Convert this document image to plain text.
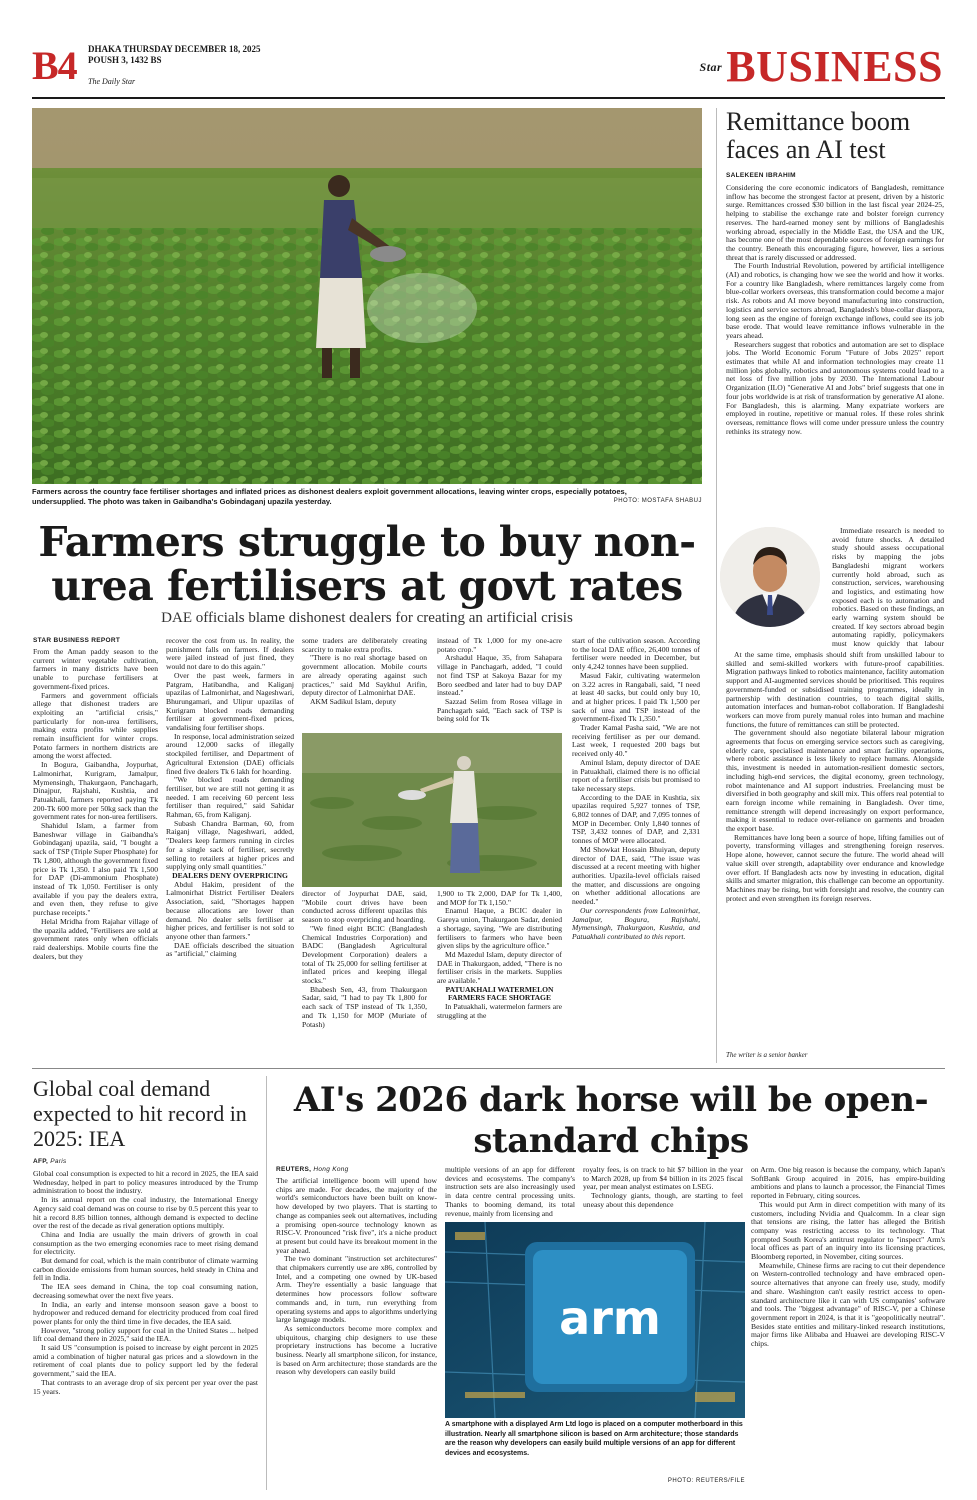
B4 DHAKA THURSDAY DECEMBER 18, 2025
POUSH 3, 1432 BS
The Daily Star
$^{Star}$BUSINESS
Farmers across the country face fertiliser shortages and inflated prices as dishonest dealers exploit government allocations, leaving winter crops, especially potatoes, undersupplied. The photo was taken in Gaibandha's Gobindaganj upazila yesterday.	PHOTO: MOSTAFA SHABUJ
Farmers struggle to buy non-urea fertilisers at govt rates
DAE officials blame dishonest dealers for creating an artificial crisis
STAR BUSINESS REPORT

From the Aman paddy season to the current winter vegetable cultivation, farmers in many districts have been unable to purchase fertilisers at government-fixed prices.

Farmers and government officials allege that dishonest traders are exploiting an "artificial crisis," particularly for non-urea fertilisers, making extra profits while supplies remain insufficient for winter crops. Potato farmers in northern districts are among the worst affected.

In Bogura, Gaibandha, Joypurhat, Lalmonirhat, Kurigram, Jamalpur, Mymensingh, Thakurgaon, Panchagarh, Dinajpur, Rajshahi, Kushtia, and Patuakhali, farmers reported paying Tk 200-Tk 600 more per 50kg sack than the government rates for non-urea fertilisers.

Shahidul Islam, a farmer from Baneshwar village in Gaibandha's Gobindaganj upazila, said, "I bought a sack of TSP (Triple Super Phosphate) for Tk 1,800, although the government fixed price is Tk 1,350. I also paid Tk 1,500 for DAP (Di-ammonium Phosphate) instead of Tk 1,050. Fertiliser is only available if you pay the dealers extra, and even then, they refuse to give purchase receipts."

Helal Mridha from Rajahar village of the upazila added, "Fertilisers are sold at government rates only when officials raid dealerships. Mobile courts fine the dealers, but they

recover the cost from us. In reality, the punishment falls on farmers. If dealers were jailed instead of just fined, they would not dare to do this again."

Over the past week, farmers in Patgram, Hatibandha, and Kaliganj upazilas of Lalmonirhat, and Nageshwari, Bhurungamari, and Ulipur upazilas of Kurigram blocked roads demanding fertiliser at government-fixed prices, vandalising four fertiliser shops.

In response, local administration seized around 12,000 sacks of illegally stockpiled fertiliser, and Department of Agricultural Extension (DAE) officials fined five dealers Tk 6 lakh for hoarding.

"We blocked roads demanding fertiliser, but we are still not getting it as needed. I am receiving 60 percent less fertiliser than required," said Sahidar Rahman, 65, from Kaliganj.

Subash Chandra Barman, 60, from Raiganj village, Nageshwari, added, "Dealers keep farmers running in circles for a single sack of fertiliser, secretly selling to retailers at higher prices and supplying only small quantities."

DEALERS DENY OVERPRICING

Abdul Hakim, president of the Lalmonirhat District Fertiliser Dealers Association, said, "Shortages happen because allocations are lower than demand. No dealer sells fertiliser at higher prices, and fertiliser is not sold to anyone other than farmers."

DAE officials described the situation as "artificial," claiming

some traders are deliberately creating scarcity to make extra profits.

"There is no real shortage based on government allocation. Mobile courts are already operating against such practices," said Md Saykhul Arifin, deputy director of Lalmonirhat DAE.

AKM Sadikul Islam, deputy

instead of Tk 1,000 for my one-acre potato crop."

Arshadul Haque, 35, from Sahapara village in Panchagarh, added, "I could not find TSP at Sakoya Bazar for my Boro seedbed and later had to buy DAP instead."

Sazzad Selim from Rosea village in Panchagarh said, "Each sack of TSP is being sold for Tk

director of Joypurhat DAE, said, "Mobile court drives have been conducted across different upazilas this season to stop overpricing and hoarding.

"We fined eight BCIC (Bangladesh Chemical Industries Corporation) and BADC (Bangladesh Agricultural Development Corporation) dealers a total of Tk 25,000 for selling fertiliser at inflated prices and keeping illegal stocks."

Bhabesh Sen, 43, from Thakurgaon Sadar, said, "I had to pay Tk 1,800 for each sack of TSP instead of Tk 1,350, and Tk 1,150 for MOP (Muriate of Potash)

1,900 to Tk 2,000, DAP for Tk 1,400, and MOP for Tk 1,150."

Enamul Haque, a BCIC dealer in Gareya union, Thakurgaon Sadar, denied a shortage, saying, "We are distributing fertilisers to farmers who have been given slips by the agriculture office."

Md Mazedul Islam, deputy director of DAE in Thakurgaon, added, "There is no fertiliser crisis in the markets. Supplies are available."

PATUAKHALI WATERMELON FARMERS FACE SHORTAGE

In Patuakhali, watermelon farmers are struggling at the

start of the cultivation season. According to the local DAE office, 26,400 tonnes of fertiliser were needed in December, but only 4,242 tonnes have been supplied.

Masud Fakir, cultivating watermelon on 3.22 acres in Rangabali, said, "I need at least 40 sacks, but could only buy 10, and at higher prices. I paid Tk 1,500 per sack of urea and TSP instead of the government-fixed Tk 1,350."

Trader Kamal Pasha said, "We are not receiving fertiliser as per our demand. Last week, I requested 200 bags but received only 40."

Aminul Islam, deputy director of DAE in Patuakhali, claimed there is no official report of a fertiliser crisis but promised to take necessary steps.

According to the DAE in Kushtia, six upazilas required 5,927 tonnes of TSP, 6,802 tonnes of DAP, and 7,095 tonnes of MOP in December. Only 1,840 tonnes of TSP, 3,432 tonnes of DAP, and 2,331 tonnes of MOP were allocated.

Md Showkat Hossain Bhuiyan, deputy director of DAE, said, "The issue was discussed at a recent meeting with higher authorities. Upazila-level officials raised the matter, and discussions are ongoing on whether additional allocations are needed."

Our correspondents from Lalmonirhat, Jamalpur, Bogura, Rajshahi, Mymensingh, Thakurgaon, Kushtia, and Patuakhali contributed to this report.

Remittance boom faces an AI test
SALEKEEN IBRAHIM

Considering the core economic indicators of Bangladesh, remittance inflow has become the strongest factor at present, driven by a historic surge. Remittances crossed $30 billion in the last fiscal year 2024-25, helping to stabilise the exchange rate and bolster foreign currency reserves. The hard-earned money sent by millions of Bangladeshis working abroad, especially in the Middle East, the USA and the UK, has become one of the most dependable sources of foreign earnings for the country. Beneath this encouraging figure, however, lies a serious threat that is rarely discussed or addressed.

The Fourth Industrial Revolution, powered by artificial intelligence (AI) and robotics, is changing how we see the world and how it works. For a country like Bangladesh, where remittances largely come from blue-collar workers overseas, this transformation could become a major risk. As robots and AI move beyond manufacturing into construction, logistics and service sectors abroad, Bangladesh's blue-collar diaspora, long seen as the engine of foreign exchange inflows, could see its job base erode. That would leave remittance inflows vulnerable in the years ahead.

Researchers suggest that robotics and automation are set to displace jobs. The World Economic Forum "Future of Jobs 2025" report estimates that while AI and information technologies may create 11 million jobs globally, robotics and autonomous systems could lead to a net loss of five million jobs by 2030. The International Labour Organization (ILO) "Generative AI and Jobs" brief suggests that one in four jobs worldwide is at risk of transformation by generative AI alone. For Bangladesh, this is alarming. Many expatriate workers are employed in routine, repetitive or manual roles. If these roles shrink overseas, remittance flows will come under pressure unless the country rethinks its strategy now.

Immediate research is needed to avoid future shocks. A detailed study should assess occupational risks by mapping the jobs Bangladeshi migrant workers currently hold abroad, such as construction, services, warehousing and logistics, and estimating how exposed each is to automation and robotics. Based on these findings, an early warning system should be created. If key sectors abroad begin automating rapidly, policymakers must know quickly that labour

At the same time, emphasis should shift from unskilled labour to skilled and semi-skilled workers with future-proof capabilities. Migration pathways linked to robotics maintenance, facility automation support and AI-augmented services should be prioritised. This requires government-funded or subsidised training programmes, ideally in partnership with destination countries, to teach digital skills, automation interfaces and human-robot collaboration. If Bangladeshi workers can move from purely manual roles into human and machine functions, the future of remittances can still be protected.

The government should also negotiate bilateral labour migration agreements that focus on emerging service sectors such as caregiving, elderly care, specialised maintenance and smart facility operations, where robotic assistance is less likely to replace humans. Alongside this, investment is needed in automation-resilient domestic sectors, including high-end services, the digital economy, green technology, robot maintenance and AI support industries. Freelancing must be diversified in both geography and skill mix. This offers real potential to earn foreign income while remaining in Bangladesh. Over time, remittance strength will depend increasingly on export performance, making it essential to reduce over-reliance on garments and broaden the export base.

Remittances have long been a source of hope, lifting families out of poverty, transforming villages and strengthening foreign reserves. Hope alone, however, cannot secure the future. The world ahead will value skill over strength, adaptability over endurance and knowledge over effort. If Bangladesh acts now by investing in education, digital skills and smarter migration, this challenge can become an opportunity. Machines may be rising, but with foresight and resolve, the country can protect and even strengthen its foreign reserves.

The writer is a senior banker
Global coal demand expected to hit record in 2025: IEA
AFP, Paris

Global coal consumption is expected to hit a record in 2025, the IEA said Wednesday, helped in part to policy measures introduced by the Trump administration to boost the industry.

In its annual report on the coal industry, the International Energy Agency said coal demand was on course to rise by 0.5 percent this year to hit a record 8.85 billion tonnes, although demand is expected to decline over the rest of the decade as rival generation options multiply.

China and India are usually the main drivers of growth in coal consumption as the two emerging economies race to meet rising demand for electricity.

But demand for coal, which is the main contributor of climate warming carbon dioxide emissions from human sources, held steady in China and fell in India.

The IEA sees demand in China, the top coal consuming nation, decreasing somewhat over the next five years.

In India, an early and intense monsoon season gave a boost to hydropower and reduced demand for electricity produced from coal fired power plants for only the third time in five decades, the IEA said.

However, "strong policy support for coal in the United States ... helped lift coal demand there in 2025," said the IEA.

It said US "consumption is poised to increase by eight percent in 2025 amid a combination of higher natural gas prices and a slowdown in the retirement of coal plants due to policy support led by the federal government," said the IEA.

That contrasts to an average drop of six percent per year over the past 15 years.

AI's 2026 dark horse will be open-standard chips
REUTERS, Hong Kong

The artificial intelligence boom will upend how chips are made. For decades, the majority of the world's semiconductors have been built on know-how developed by two players. That is starting to change as companies seek out alternatives, including a promising open-source technology known as RISC-V. Pronounced "risk five", it's a niche product at present but could have its breakout moment in the year ahead.

The two dominant "instruction set architectures" that chipmakers currently use are x86, controlled by Intel, and a competing one owned by UK-based Arm. They're essentially a basic language that determines how processors follow software commands and, in turn, run everything from operating systems and apps to algorithms underlying large language models.

As semiconductors become more complex and ubiquitous, charging chip designers to use these proprietary instructions has become a lucrative business. Nearly all smartphone silicon, for instance, is based on Arm architecture; those standards are the reason why developers can easily build

multiple versions of an app for different devices and ecosystems. The company's instruction sets are also increasingly used in data centre central processing units. Thanks to booming demand, its total revenue, mainly from licensing and

royalty fees, is on track to hit $7 billion in the year to March 2028, up from $4 billion in its 2025 fiscal year, per mean analyst estimates on LSEG.

Technology giants, though, are starting to feel uneasy about this dependence

arm
A smartphone with a displayed Arm Ltd logo is placed on a computer motherboard in this illustration. Nearly all smartphone silicon is based on Arm architecture; those standards are the reason why developers can easily build multiple versions of an app for different devices and ecosystems.
PHOTO: REUTERS/FILE

on Arm. One big reason is because the company, which Japan's SoftBank Group acquired in 2016, has empire-building ambitions and plans to launch a processor, the Financial Times reported in February, citing sources.

This would put Arm in direct competition with many of its customers, including Nvidia and Qualcomm. In a clear sign that tensions are rising, the latter has alleged the British company was restricting access to its technology. That prompted South Korea's antitrust regulator to "inspect" Arm's local offices as part of an inquiry into its licensing practices, Bloomberg reported, in November, citing sources.

Meanwhile, Chinese firms are racing to cut their dependence on Western-controlled technology and have embraced open-source alternatives that anyone can freely use, study, modify and share. Washington can't easily restrict access to open-standard architecture like it can with US companies' software and tools. The "biggest advantage" of RISC-V, per a Chinese government report in 2024, is that it is "geopolitically neutral". Besides state entities and military-linked research institutions, major firms like Alibaba and Huawei are developing RISC-V chips.
